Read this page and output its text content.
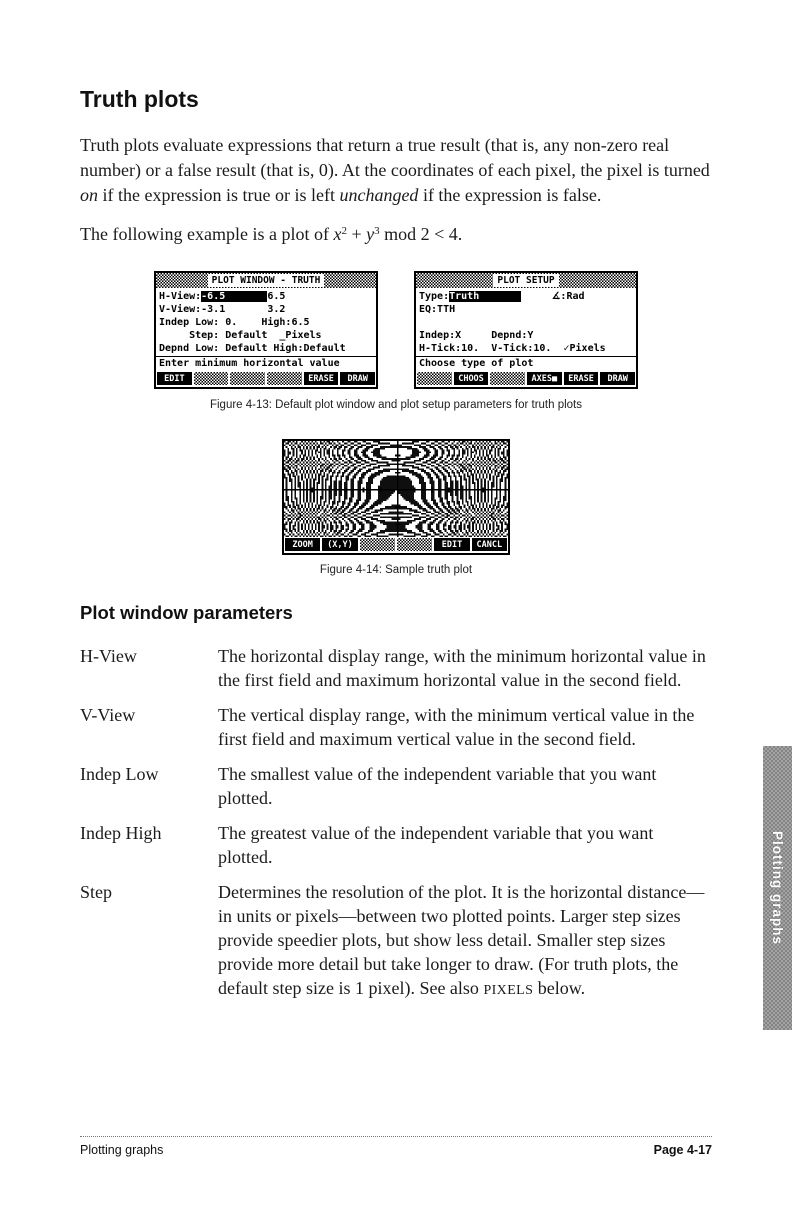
Truth plots

Truth plots evaluate expressions that return a true result (that is, any non-zero real number) or a false result (that is, 0). At the coordinates of each pixel, the pixel is turned on if the expression is true or is left unchanged if the expression is false.

The following example is a plot of $x^2 + y^3$ mod 2 < 4.

PLOT WINDOW - TRUTH
H-View:-6.5       6.5
V-View:-3.1       3.2
Indep Low: 0.    High:6.5
Step: Default  _Pixels
Depnd Low: Default High:Default
Enter minimum horizontal value
EDIT	ERASE	DRAW
PLOT SETUP
Type:Truth            ∡:Rad
EQ:TTH
Indep:X     Depnd:Y
H-Tick:10.  V-Tick:10.  ✓Pixels
Choose type of plot
CHOOS	AXES■	ERASE	DRAW
Figure 4-13: Default plot window and plot setup parameters for truth plots
ZOOM	(X,Y)	EDIT	CANCL
Figure 4-14: Sample truth plot
Plot window parameters
H-View	The horizontal display range, with the minimum horizontal value in the first field and maximum horizontal value in the second field.
V-View	The vertical display range, with the minimum vertical value in the first field and maximum vertical value in the second field.
Indep Low	The smallest value of the independent variable that you want plotted.
Indep High	The greatest value of the independent variable that you want plotted.
Step	Determines the resolution of the plot. It is the horizontal distance—in units or pixels—between two plotted points. Larger step sizes provide speedier plots, but show less detail. Smaller step sizes provide more detail but take longer to draw. (For truth plots, the default step size is 1 pixel). See also PIXELS below.
Plotting graphs
Plotting graphs	Page 4-17
